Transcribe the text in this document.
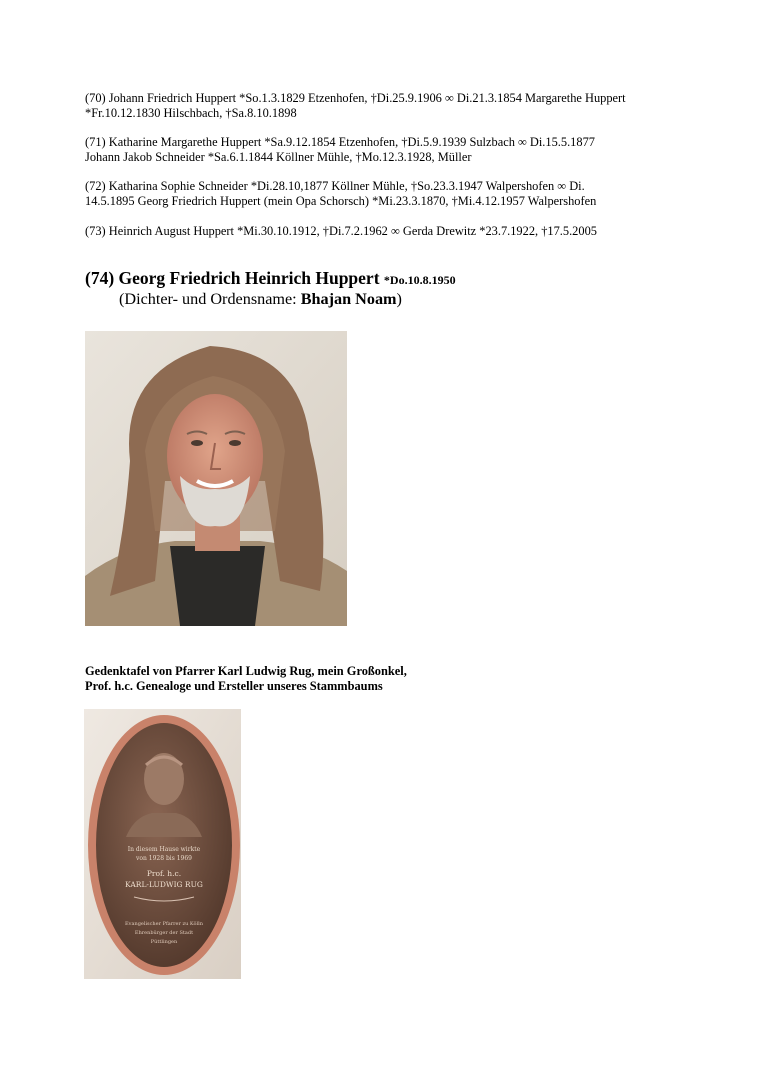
(70) Johann Friedrich Huppert *So.1.3.1829 Etzenhofen, †Di.25.9.1906 ∞ Di.21.3.1854 Margarethe Huppert
*Fr.10.12.1830 Hilschbach, †Sa.8.10.1898

(71) Katharine Margarethe Huppert *Sa.9.12.1854 Etzenhofen, †Di.5.9.1939 Sulzbach ∞ Di.15.5.1877
Johann Jakob Schneider *Sa.6.1.1844 Köllner Mühle, †Mo.12.3.1928, Müller

(72) Katharina Sophie Schneider *Di.28.10,1877 Köllner Mühle, †So.23.3.1947 Walpershofen ∞ Di.
14.5.1895 Georg Friedrich Huppert (mein Opa Schorsch) *Mi.23.3.1870, †Mi.4.12.1957 Walpershofen

(73) Heinrich August Huppert *Mi.30.10.1912, †Di.7.2.1962 ∞ Gerda Drewitz *23.7.1922, †17.5.2005

(74) Georg Friedrich Heinrich Huppert *Do.10.8.1950
(Dichter- und Ordensname: Bhajan Noam)
Gedenktafel von Pfarrer Karl Ludwig Rug, mein Großonkel,
Prof. h.c. Genealoge und Ersteller unseres Stammbaums
In diesem Hause wirkte
von 1928 bis 1969
Prof. h.c.
KARL-LUDWIG RUG
Evangelischer Pfarrer zu Kölln
Ehrenbürger der Stadt
Püttlingen
